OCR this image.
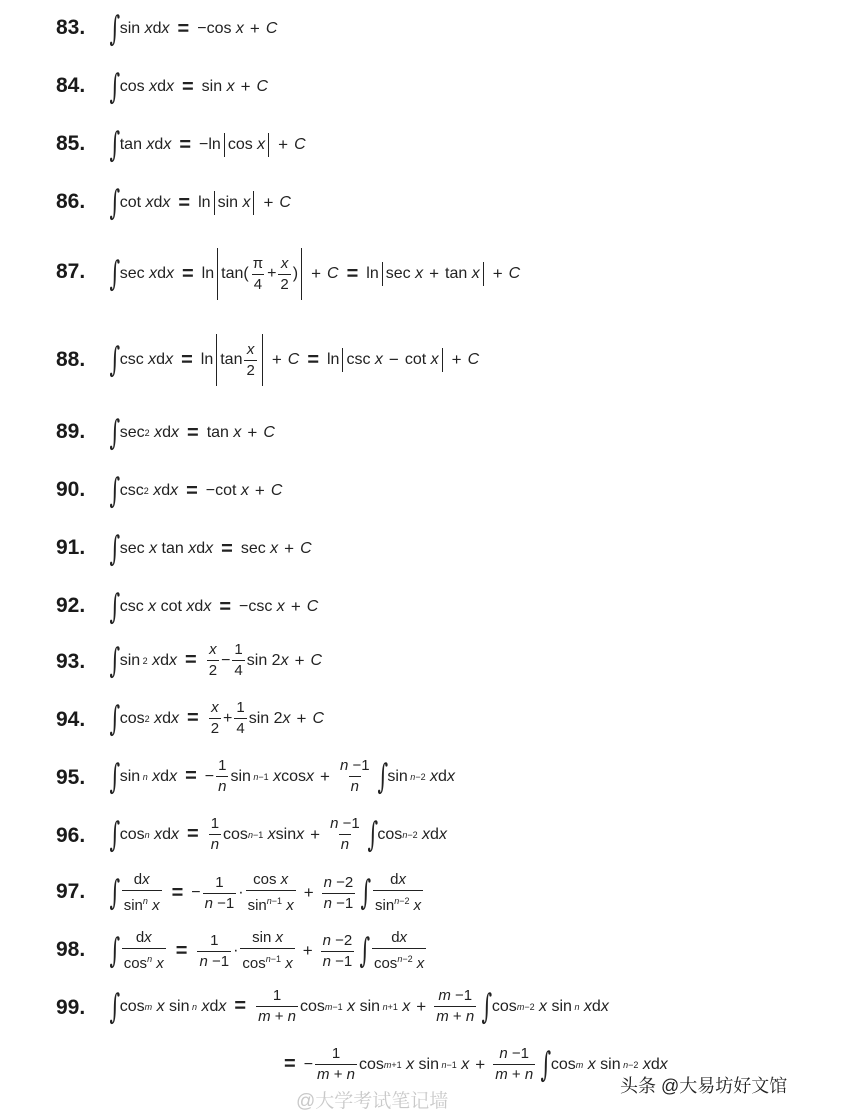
83. ∫ sin x d x = −cos x + C
84. ∫ cos x d x = sin x + C
85. ∫ tan x d x = −ln cos x + C
86. ∫ cot x d x = ln sin x + C
87. ∫ sec x d $x = \ln \tan( \frac{\pi}{4} + \frac{x}{2}$ ) + C = ln sec x + tan x + C
88. ∫ csc x d $x = \ln \tan \frac{x}{2} + C = \ln \csc x - \cot x + C$
89. ∫ sec 2
x d x = tan x + C
90. ∫ csc 2
x d x = −cot x + C
91. ∫ sec x tan x d x = sec x + C
92. ∫ csc x cot x d x = −csc x + C
93. ∫ sin 2
x d $x = \frac{x}{2} - \frac{1}{4}$ sin 2 x + C
94. ∫ cos 2
x d $x = \frac{x}{2} + \frac{1}{4}$ sin 2 x + C
95. ∫ sin n
x d x = − $\frac{1}{n}$ sin n−1
x $\cos x + \frac{n -1}{n}$ ∫ sin n−2
x d x
96. ∫ cos n
x d $x = \frac{1}{n}$ cos n−1
x $\sin x + \frac{n -1}{n}$ ∫ cos n−2
x d x
97. ∫ $\frac{dx}{\sin^n x}$ = − $\frac{1}{n -1} \cdot \frac{\text{cos x}}{\sin^{n-1} x} + \frac{n -2}{n -1}$ ∫ $\frac{dx}{\sin^{n-2} x}$
98. ∫ $\frac{dx}{\cos^n x} = \frac{1}{n -1} \cdot \frac{\text{sin x}}{\cos^{n-1} x} + \frac{n -2}{n -1}$ ∫ $\frac{dx}{\cos^{n-2} x}$
99. ∫ cos m
x sin n
x d $x = \frac{1}{m + n}$ cos m−1
x sin n+1
$x + \frac{m -1}{m + n}$ ∫ cos m−2
x sin n
x d x
= − $\frac{1}{m + n}$ cos m+1
x sin n−1
$x + \frac{n -1}{m + n}$ ∫ cos m
x sin n−2
x d x
@大学考试笔记墙
头条 @大易坊好文馆
